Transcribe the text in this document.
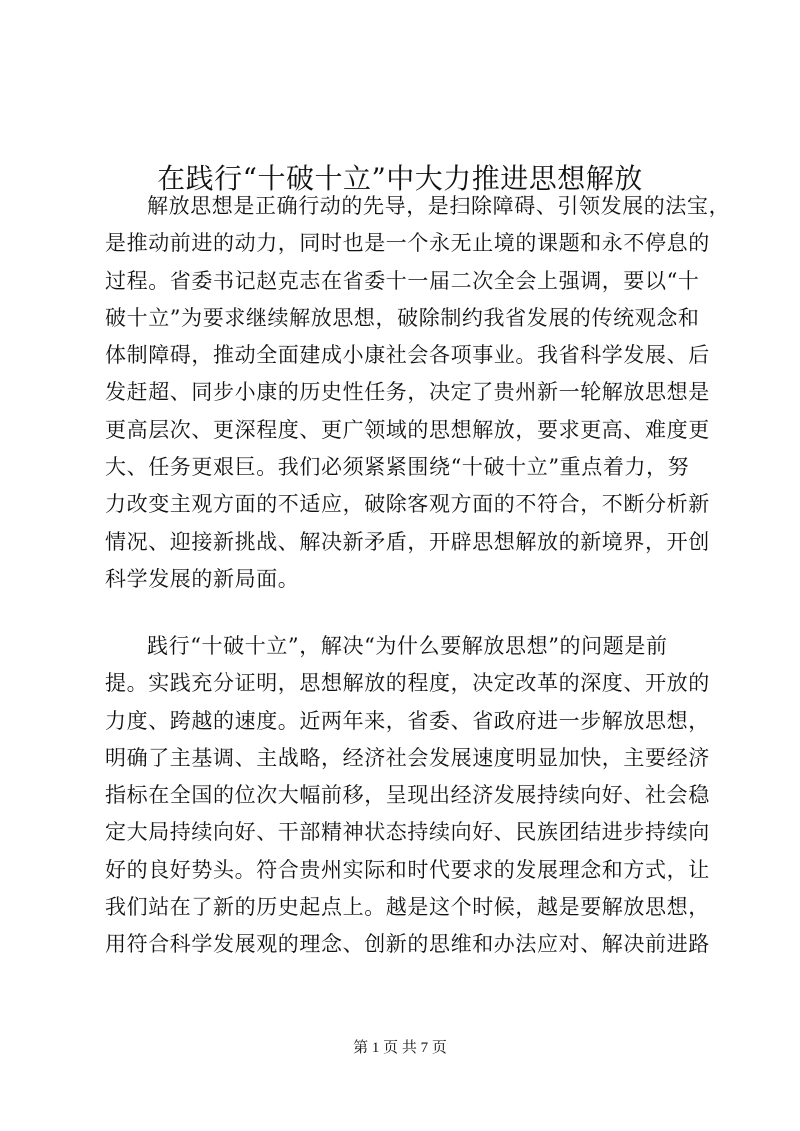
在践行“十破十立”中大力推进思想解放

解放思想是正确行动的先导，是扫除障碍、引领发展的法宝，
是推动前进的动力，同时也是一个永无止境的课题和永不停息的
过程。省委书记赵克志在省委十一届二次全会上强调，要以“十
破十立”为要求继续解放思想，破除制约我省发展的传统观念和
体制障碍，推动全面建成小康社会各项事业。我省科学发展、后
发赶超、同步小康的历史性任务，决定了贵州新一轮解放思想是
更高层次、更深程度、更广领域的思想解放，要求更高、难度更
大、任务更艰巨。我们必须紧紧围绕“十破十立”重点着力，努
力改变主观方面的不适应，破除客观方面的不符合，不断分析新
情况、迎接新挑战、解决新矛盾，开辟思想解放的新境界，开创
科学发展的新局面。

践行“十破十立”，解决“为什么要解放思想”的问题是前
提。实践充分证明，思想解放的程度，决定改革的深度、开放的
力度、跨越的速度。近两年来，省委、省政府进一步解放思想，
明确了主基调、主战略，经济社会发展速度明显加快，主要经济
指标在全国的位次大幅前移，呈现出经济发展持续向好、社会稳
定大局持续向好、干部精神状态持续向好、民族团结进步持续向
好的良好势头。符合贵州实际和时代要求的发展理念和方式，让
我们站在了新的历史起点上。越是这个时候，越是要解放思想，
用符合科学发展观的理念、创新的思维和办法应对、解决前进路

第 1 页 共 7 页
